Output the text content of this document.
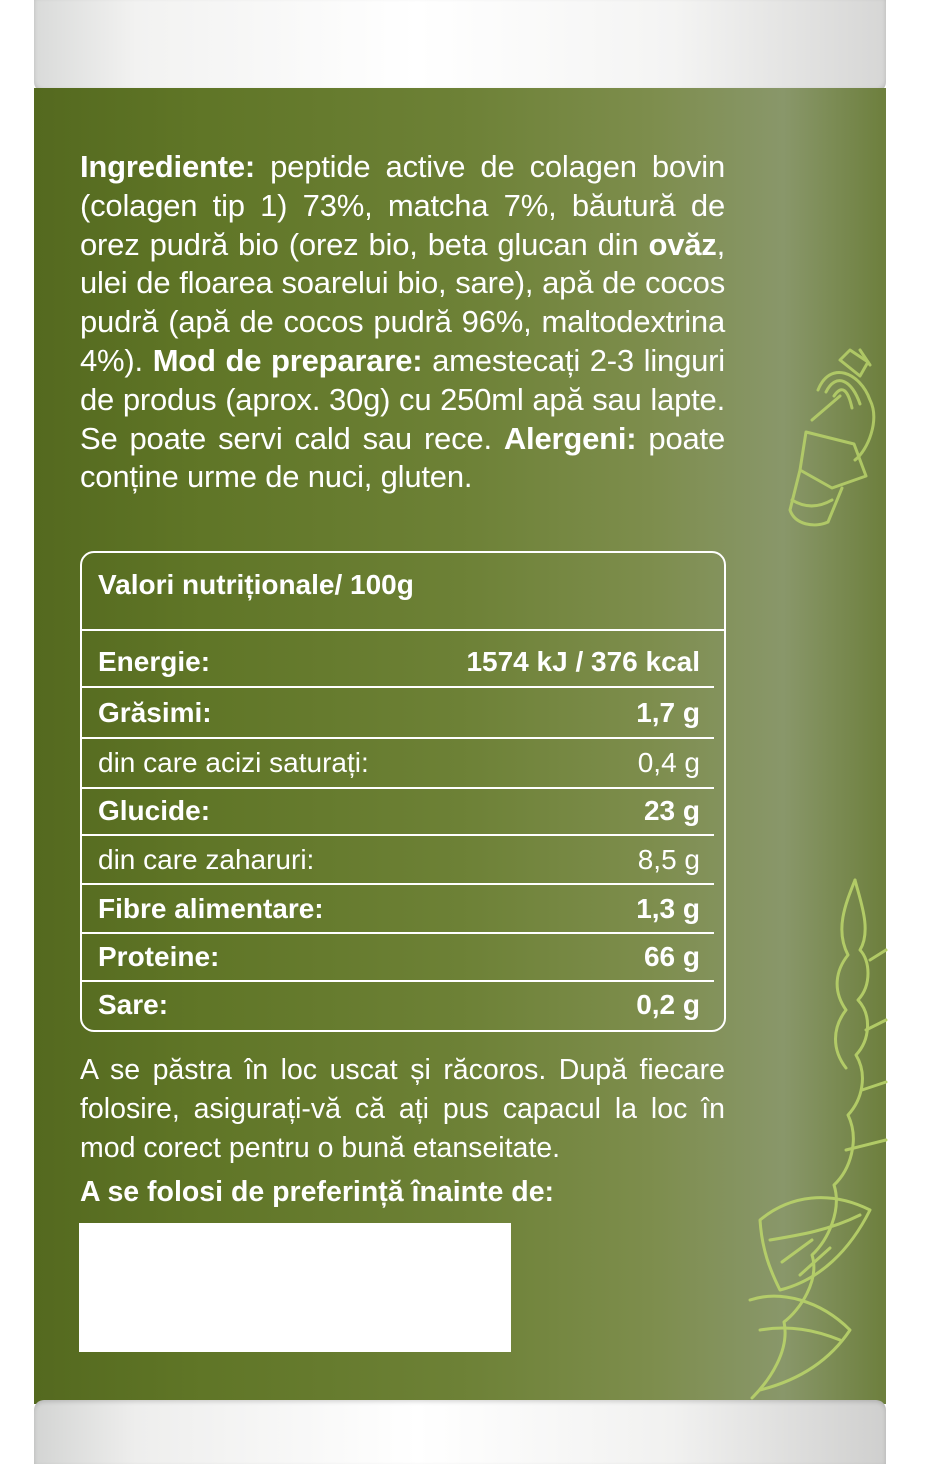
Ingrediente: peptide active de colagen bovin (colagen tip 1) 73%, matcha 7%, băutură de orez pudră bio (orez bio, beta glucan din ovăz, ulei de floarea soarelui bio, sare), apă de cocos pudră (apă de cocos pudră 96%, maltodextrina 4%). Mod de preparare: amestecați 2-3 linguri de produs (aprox. 30g) cu 250ml apă sau lapte. Se poate servi cald sau rece. Alergeni: poate conține urme de nuci, gluten.
Valori nutriționale/ 100g
Energie:	1574 kJ / 376 kcal
Grăsimi:	1,7 g
din care acizi saturați:	0,4 g
Glucide:	23 g
din care zaharuri:	8,5 g
Fibre alimentare:	1,3 g
Proteine:	66 g
Sare:	0,2 g
A se păstra în loc uscat și răcoros. După fiecare folosire, asigurați-vă că ați pus capacul la loc în mod corect pentru o bună etanseitate.
A se folosi de preferință înainte de:
